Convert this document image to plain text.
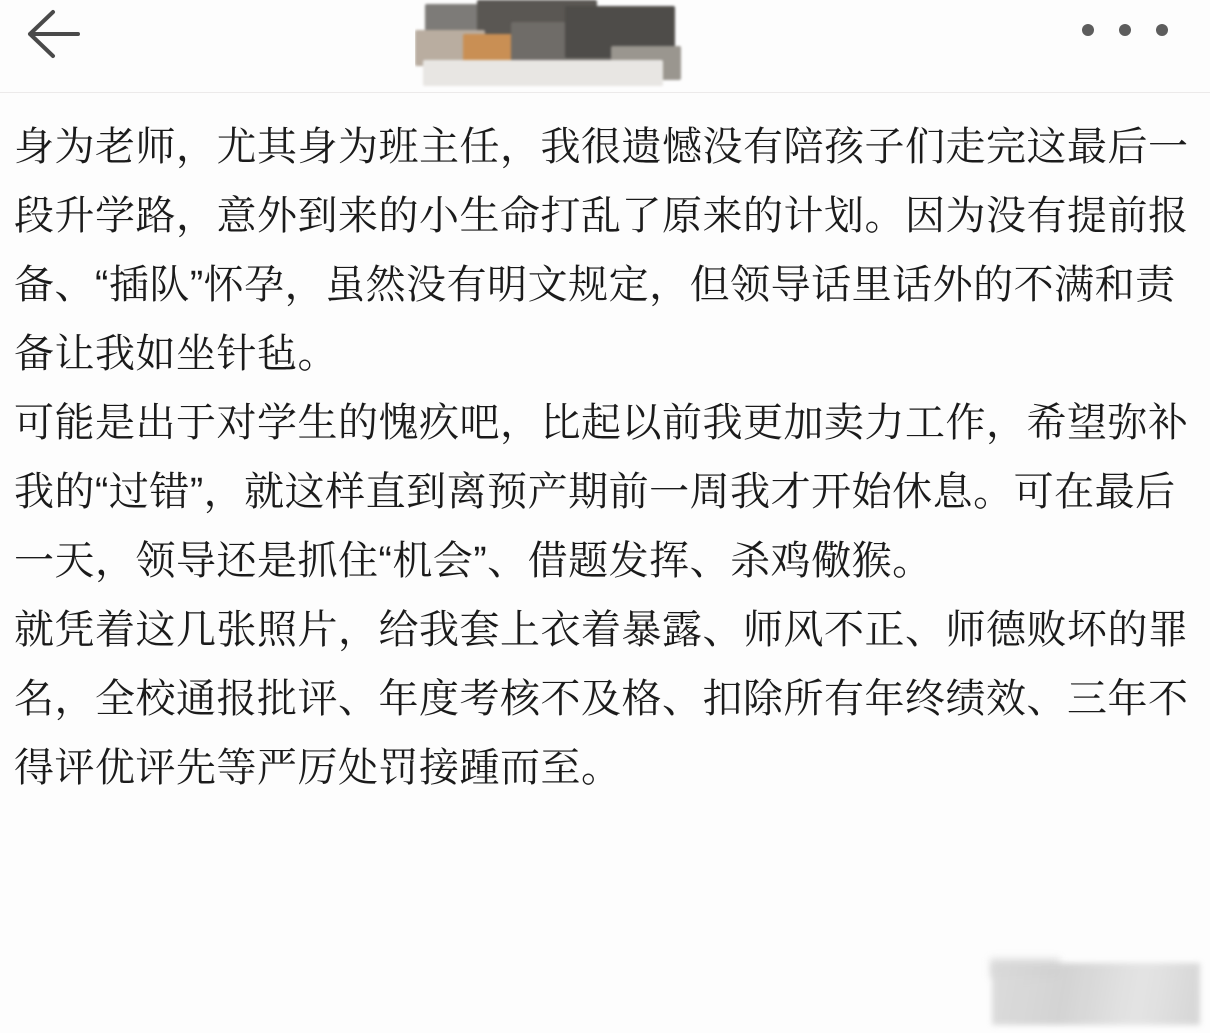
身为老师，尤其身为班主任，我很遗憾没有陪孩子们走完这最后一段升学路，意外到来的小生命打乱了原来的计划。因为没有提前报备、“插队”怀孕，虽然没有明文规定，但领导话里话外的不满和责备让我如坐针毡。

可能是出于对学生的愧疚吧，比起以前我更加卖力工作，希望弥补我的“过错”，就这样直到离预产期前一周我才开始休息。可在最后一天，领导还是抓住“机会”、借题发挥、杀鸡儆猴。

就凭着这几张照片，给我套上衣着暴露、师风不正、师德败坏的罪名，全校通报批评、年度考核不及格、扣除所有年终绩效、三年不得评优评先等严厉处罚接踵而至。
